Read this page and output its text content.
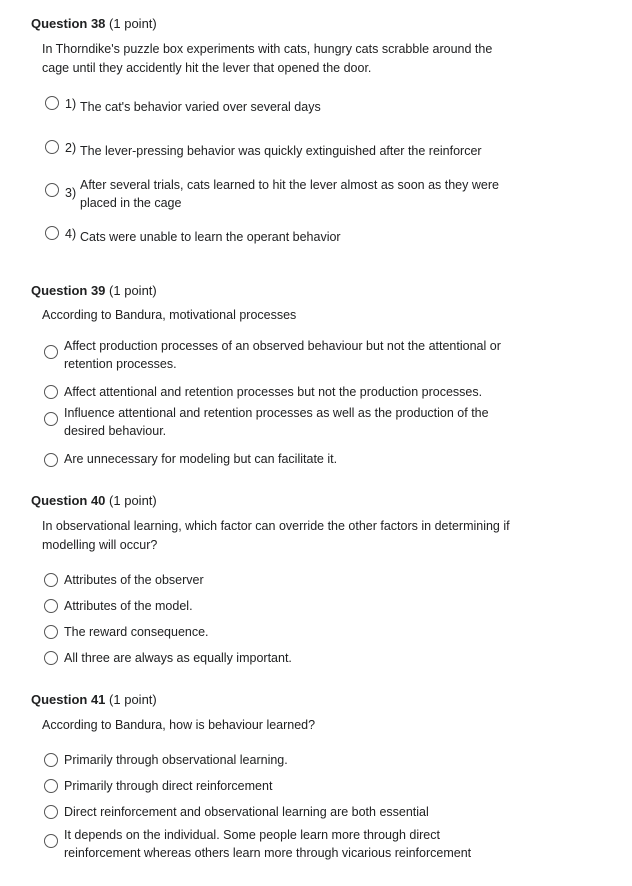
Question 38 (1 point)
In Thorndike's puzzle box experiments with cats, hungry cats scrabble around the cage until they accidently hit the lever that opened the door.
1) The cat's behavior varied over several days
2) The lever-pressing behavior was quickly extinguished after the reinforcer
3)
After several trials, cats learned to hit the lever almost as soon as they were placed in the cage
4) Cats were unable to learn the operant behavior
Question 39 (1 point)
According to Bandura, motivational processes
Affect production processes of an observed behaviour but not the attentional or retention processes.
Affect attentional and retention processes but not the production processes.
Influence attentional and retention processes as well as the production of the desired behaviour.
Are unnecessary for modeling but can facilitate it.
Question 40 (1 point)
In observational learning, which factor can override the other factors in determining if modelling will occur?
Attributes of the observer
Attributes of the model.
The reward consequence.
All three are always as equally important.
Question 41 (1 point)
According to Bandura, how is behaviour learned?
Primarily through observational learning.
Primarily through direct reinforcement
Direct reinforcement and observational learning are both essential
It depends on the individual. Some people learn more through direct reinforcement whereas others learn more through vicarious reinforcement
